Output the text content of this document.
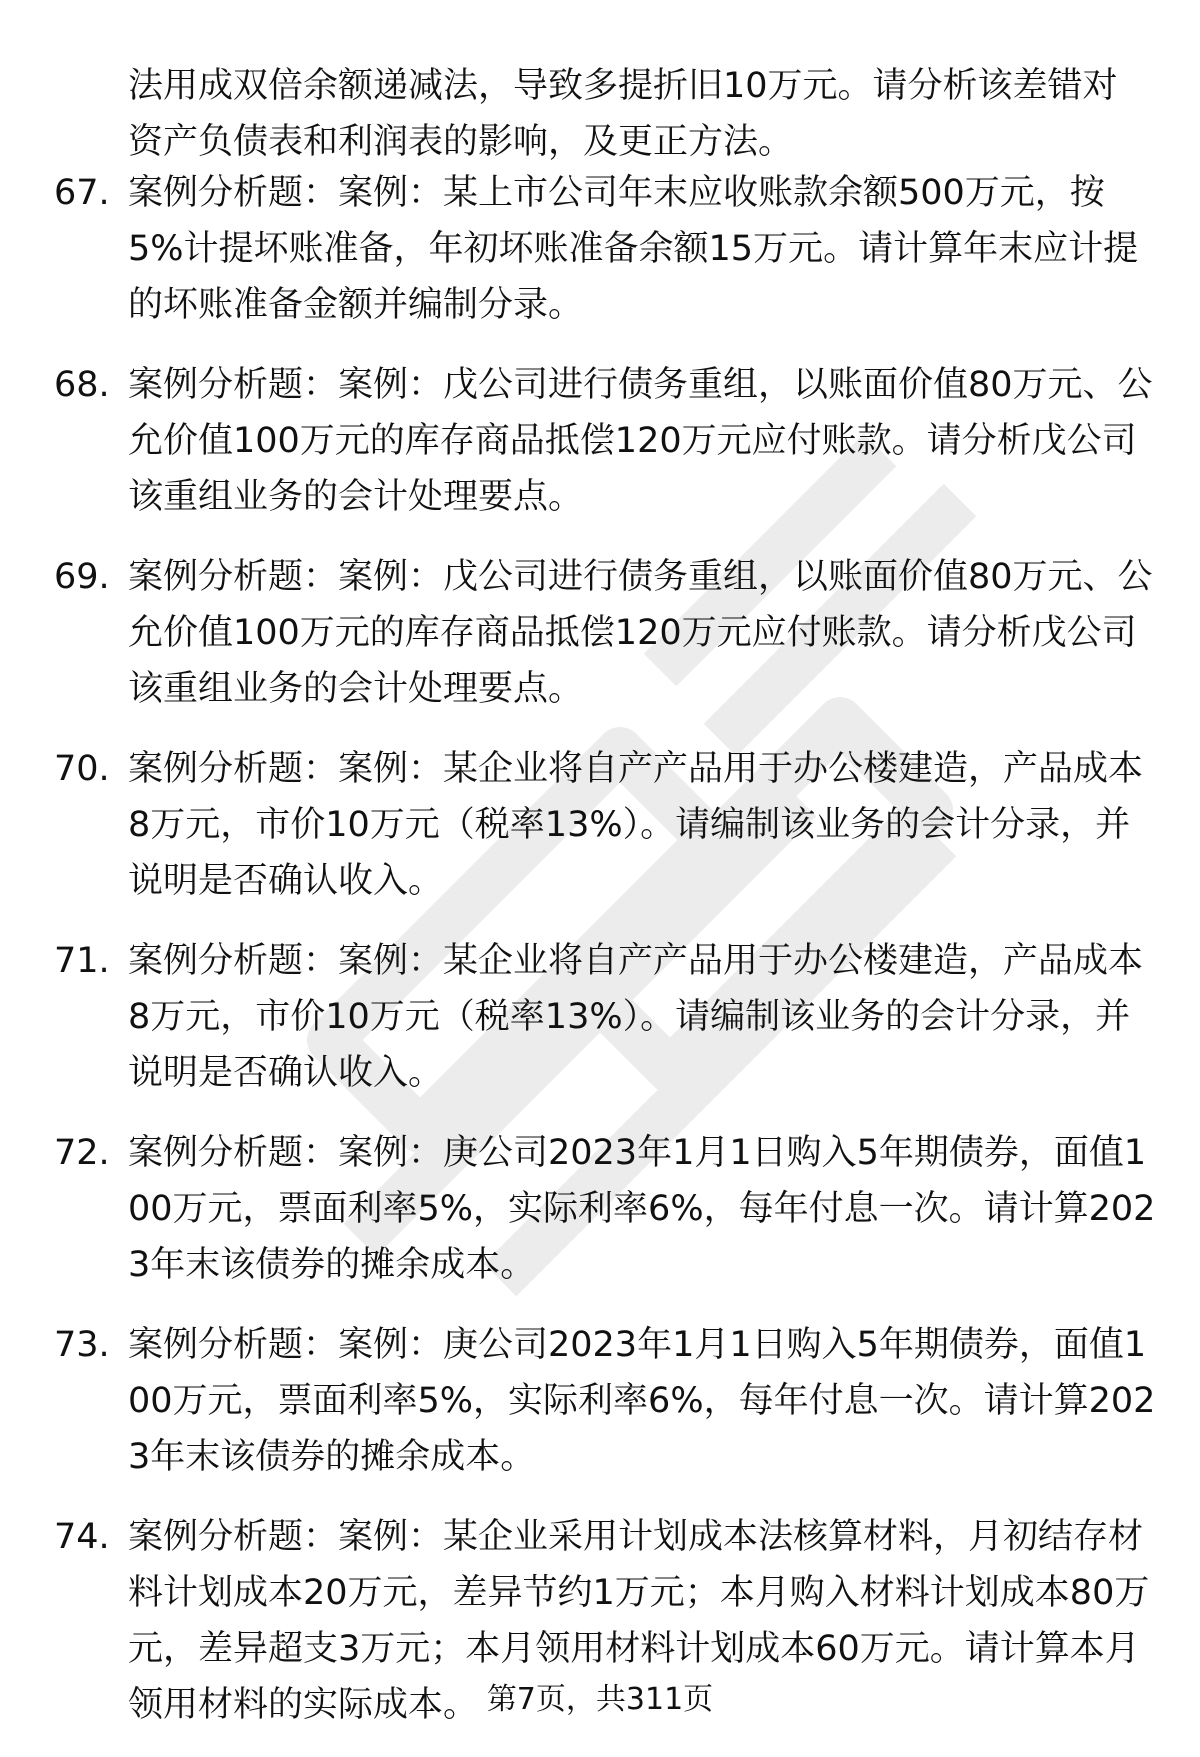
法用成双倍余额递减法，导致多提折旧10万元。请分析该差错对资产负债表和利润表的影响，及更正方法。
67. 案例分析题：案例：某上市公司年末应收账款余额500万元，按5%计提坏账准备，年初坏账准备余额15万元。请计算年末应计提的坏账准备金额并编制分录。
68. 案例分析题：案例：戊公司进行债务重组，以账面价值80万元、公允价值100万元的库存商品抵偿120万元应付账款。请分析戊公司该重组业务的会计处理要点。
69. 案例分析题：案例：戊公司进行债务重组，以账面价值80万元、公允价值100万元的库存商品抵偿120万元应付账款。请分析戊公司该重组业务的会计处理要点。
70. 案例分析题：案例：某企业将自产产品用于办公楼建造，产品成本8万元，市价10万元（税率13%）。请编制该业务的会计分录，并说明是否确认收入。
71. 案例分析题：案例：某企业将自产产品用于办公楼建造，产品成本8万元，市价10万元（税率13%）。请编制该业务的会计分录，并说明是否确认收入。
72. 案例分析题：案例：庚公司2023年1月1日购入5年期债券，面值100万元，票面利率5%，实际利率6%，每年付息一次。请计算2023年末该债券的摊余成本。
73. 案例分析题：案例：庚公司2023年1月1日购入5年期债券，面值100万元，票面利率5%，实际利率6%，每年付息一次。请计算2023年末该债券的摊余成本。
74. 案例分析题：案例：某企业采用计划成本法核算材料，月初结存材料计划成本20万元，差异节约1万元；本月购入材料计划成本80万元，差异超支3万元；本月领用材料计划成本60万元。请计算本月领用材料的实际成本。 第7页，共311页
